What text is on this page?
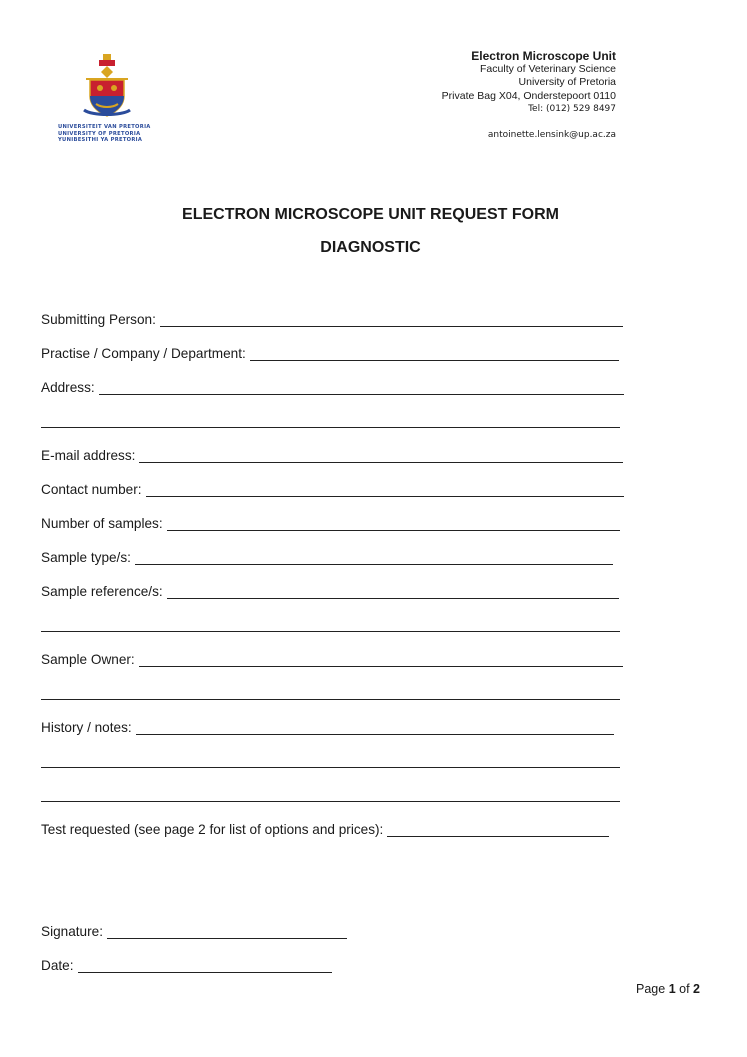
UNIVERSITEIT VAN PRETORIA
UNIVERSITY OF PRETORIA
YUNIBESITHI YA PRETORIA
Electron Microscope Unit
Faculty of Veterinary Science
University of Pretoria
Private Bag X04, Onderstepoort 0110
Tel: (012) 529 8497
antoinette.lensink@up.ac.za
ELECTRON MICROSCOPE UNIT REQUEST FORM
DIAGNOSTIC
Submitting Person:
Practise / Company / Department:
Address:
E-mail address:
Contact number:
Number of samples:
Sample type/s:
Sample reference/s:
Sample Owner:
History / notes:
Test requested (see page 2 for list of options and prices):
Signature:
Date:
Page 1 of 2
